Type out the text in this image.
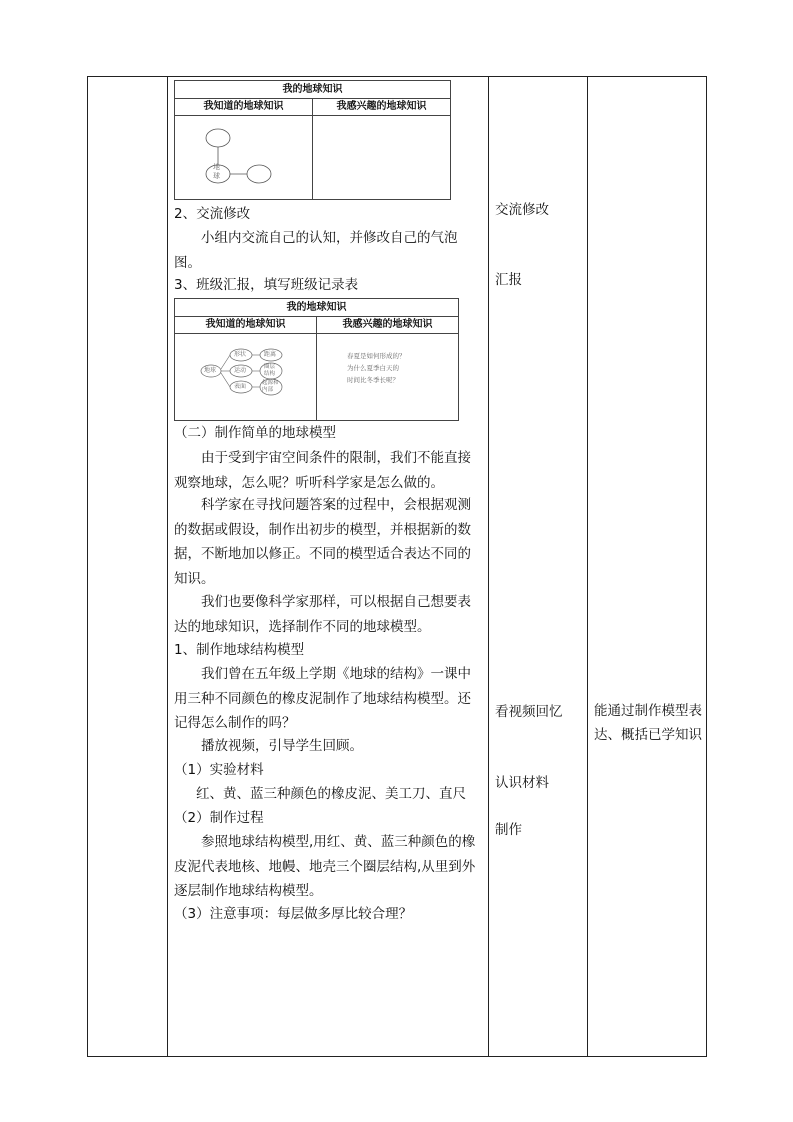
我的地球知识
我知道的地球知识	我感兴趣的地球知识
地球
2、交流修改
小组内交流自己的认知，并修改自己的气泡图。
3、班级汇报，填写班级记录表
我的地球知识
我知道的地球知识	我感兴趣的地球知识
地球
形状
运动
表面
距离
圈层结构
起源和内部
春夏是如何形成的？
为什么夏季白天的
时间比冬季长呢？
（二）制作简单的地球模型
由于受到宇宙空间条件的限制，我们不能直接观察地球，怎么呢？听听科学家是怎么做的。
科学家在寻找问题答案的过程中，会根据观测的数据或假设，制作出初步的模型，并根据新的数据，不断地加以修正。不同的模型适合表达不同的知识。
我们也要像科学家那样，可以根据自己想要表达的地球知识，选择制作不同的地球模型。
1、制作地球结构模型
我们曾在五年级上学期《地球的结构》一课中用三种不同颜色的橡皮泥制作了地球结构模型。还记得怎么制作的吗？
播放视频，引导学生回顾。
（1）实验材料
红、黄、蓝三种颜色的橡皮泥、美工刀、直尺
（2）制作过程
参照地球结构模型,用红、黄、蓝三种颜色的橡皮泥代表地核、地幔、地壳三个圈层结构,从里到外逐层制作地球结构模型。
（3）注意事项：每层做多厚比较合理？
交流修改
汇报
看视频回忆
认识材料
制作
能通过制作模型表达、概括已学知识
